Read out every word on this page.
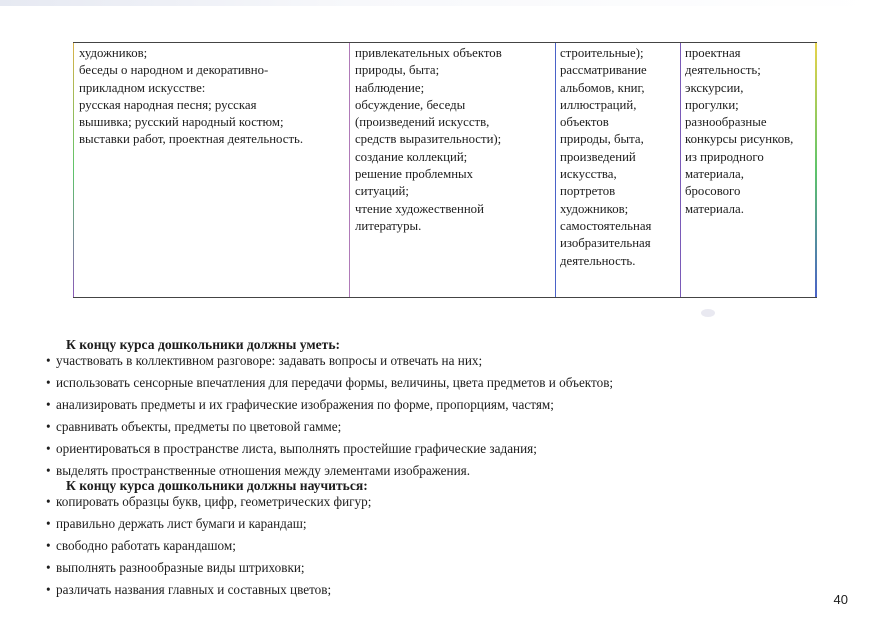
художников;

беседы о народном и декоративно-

прикладном искусстве:

русская народная песня; русская

вышивка; русский народный костюм;

выставки работ, проектная деятельность.

привлекательных объектов

природы, быта;

наблюдение;

обсуждение, беседы

(произведений искусств,

средств выразительности);

создание коллекций;

решение проблемных

ситуаций;

чтение художественной

литературы.

строительные);

рассматривание

альбомов, книг,

иллюстраций,

объектов

природы, быта,

произведений

искусства,

портретов

художников;

самостоятельная

изобразительная

деятельность.

проектная

деятельность;

экскурсии,

прогулки;

разнообразные

конкурсы рисунков,

из природного

материала,

бросового

материала.

К концу курса дошкольники должны уметь:
• участвовать в коллективном разговоре: задавать вопросы и отвечать на них;
• использовать сенсорные впечатления для передачи формы, величины, цвета предметов и объектов;
• анализировать предметы и их графические изображения по форме, пропорциям, частям;
• сравнивать объекты, предметы по цветовой гамме;
• ориентироваться в пространстве листа, выполнять простейшие графические задания;
• выделять пространственные отношения между элементами изображения.
К концу курса дошкольники должны научиться:
• копировать образцы букв, цифр, геометрических фигур;
• правильно держать лист бумаги и карандаш;
• свободно работать карандашом;
• выполнять разнообразные виды штриховки;
• различать названия главных и составных цветов;
40
